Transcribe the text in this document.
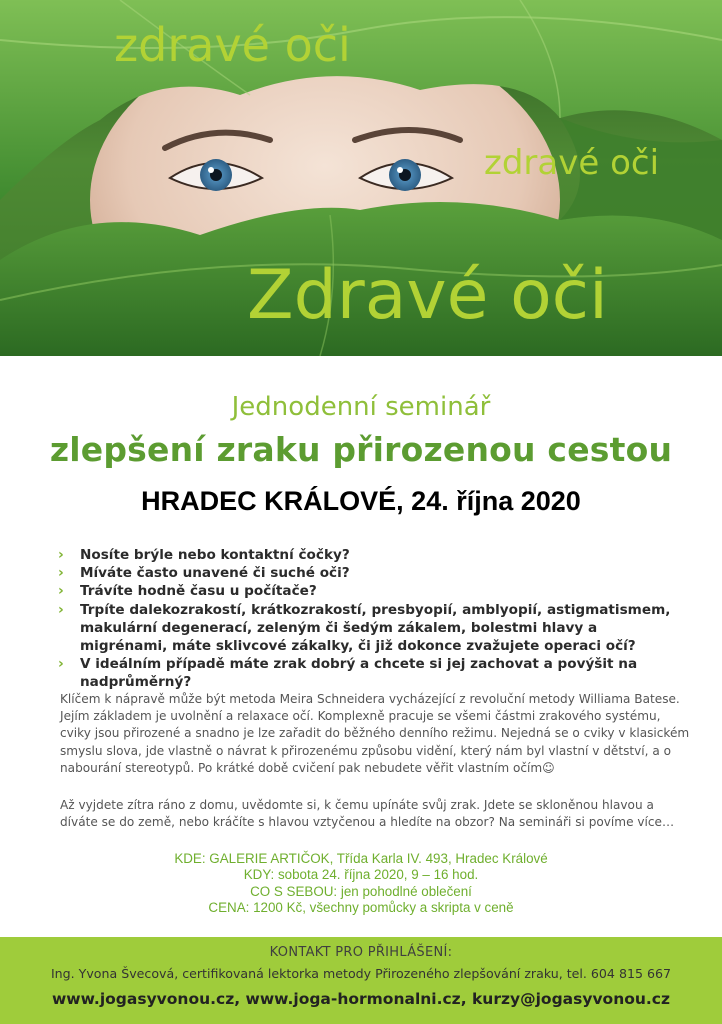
zdravé oči
zdravé oči
Zdravé oči
Jednodenní seminář
zlepšení zraku přirozenou cestou
HRADEC KRÁLOVÉ, 24. října 2020
› Nosíte brýle nebo kontaktní čočky?
› Míváte často unavené či suché oči?
› Trávíte hodně času u počítače?
› Trpíte dalekozrakostí, krátkozrakostí, presbyopií, amblyopií, astigmatismem, makulární degenerací, zeleným či šedým zákalem, bolestmi hlavy a migrénami, máte sklivcové zákalky, či již dokonce zvažujete operaci očí?
› V ideálním případě máte zrak dobrý a chcete si jej zachovat a povýšit na nadprůměrný?
Klíčem k nápravě může být metoda Meira Schneidera vycházející z revoluční metody Williama Batese. Jejím základem je uvolnění a relaxace očí. Komplexně pracuje se všemi částmi zrakového systému, cviky jsou přirozené a snadno je lze zařadit do běžného denního režimu. Nejedná se o cviky v klasickém smyslu slova, jde vlastně o návrat k přirozenému způsobu vidění, který nám byl vlastní v dětství, a o nabourání stereotypů. Po krátké době cvičení pak nebudete věřit vlastním očím☺
Až vyjdete zítra ráno z domu, uvědomte si, k čemu upínáte svůj zrak. Jdete se skloněnou hlavou a díváte se do země, nebo kráčíte s hlavou vztyčenou a hledíte na obzor? Na semináři si povíme více…
KDE: GALERIE ARTIČOK, Třída Karla IV. 493, Hradec Králové
KDY: sobota 24. října 2020, 9 – 16 hod.
CO S SEBOU: jen pohodlné oblečení
CENA: 1200 Kč, všechny pomůcky a skripta v ceně
KONTAKT PRO PŘIHLÁŠENÍ:
Ing. Yvona Švecová, certifikovaná lektorka metody Přirozeného zlepšování zraku, tel. 604 815 667
www.jogasyvonou.cz, www.joga-hormonalni.cz, kurzy@jogasyvonou.cz
